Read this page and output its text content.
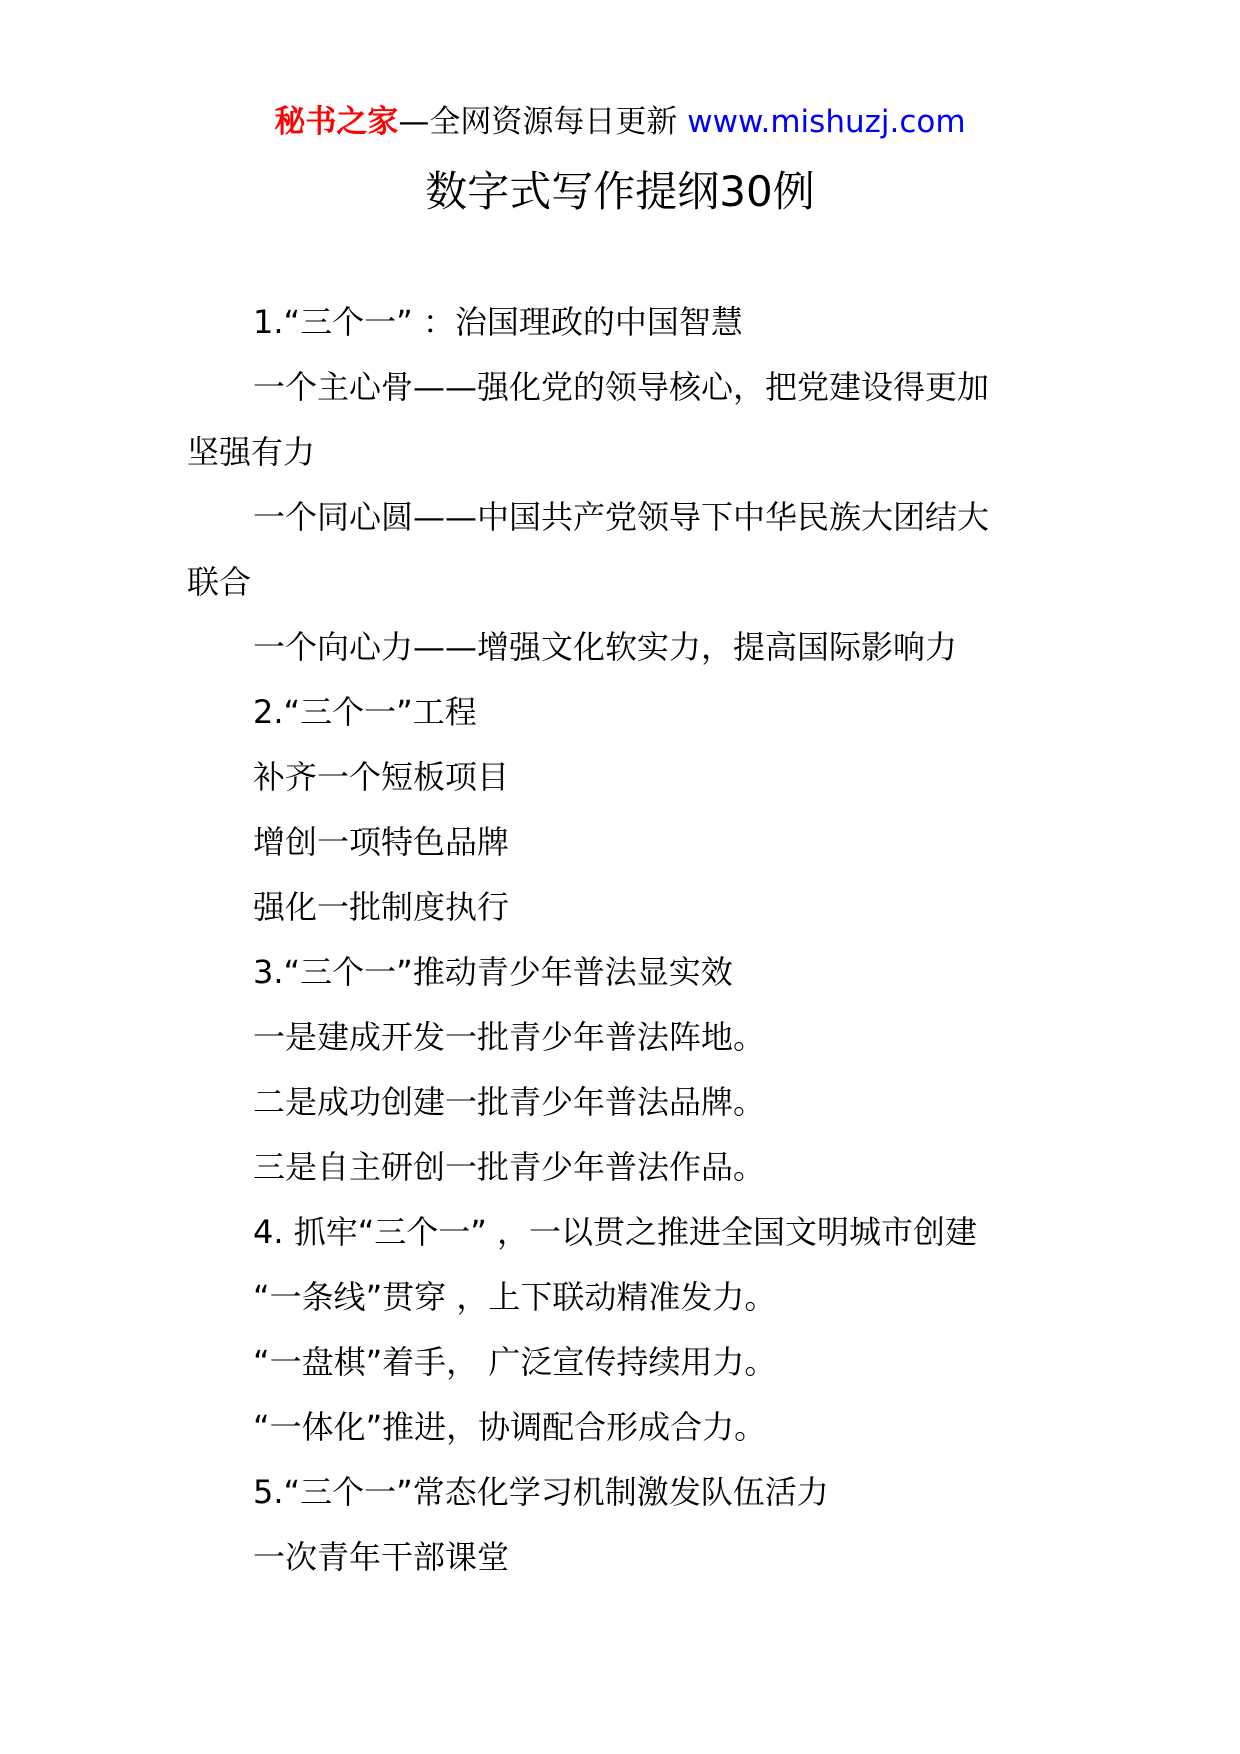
秘书之家—全网资源每日更新 www.mishuzj.com
数字式写作提纲30例
1.“三个一” ：治国理政的中国智慧
一个主心骨——强化党的领导核心，把党建设得更加
坚强有力
一个同心圆——中国共产党领导下中华民族大团结大
联合
一个向心力——增强文化软实力，提高国际影响力
2.“三个一”工程
补齐一个短板项目
增创一项特色品牌
强化一批制度执行
3.“三个一”推动青少年普法显实效
一是建成开发一批青少年普法阵地。
二是成功创建一批青少年普法品牌。
三是自主研创一批青少年普法作品。
4. 抓牢“三个一” ，一以贯之推进全国文明城市创建
“一条线”贯穿 ，上下联动精准发力。
“一盘棋”着手， 广泛宣传持续用力。
“一体化”推进，协调配合形成合力。
5.“三个一”常态化学习机制激发队伍活力
一次青年干部课堂
